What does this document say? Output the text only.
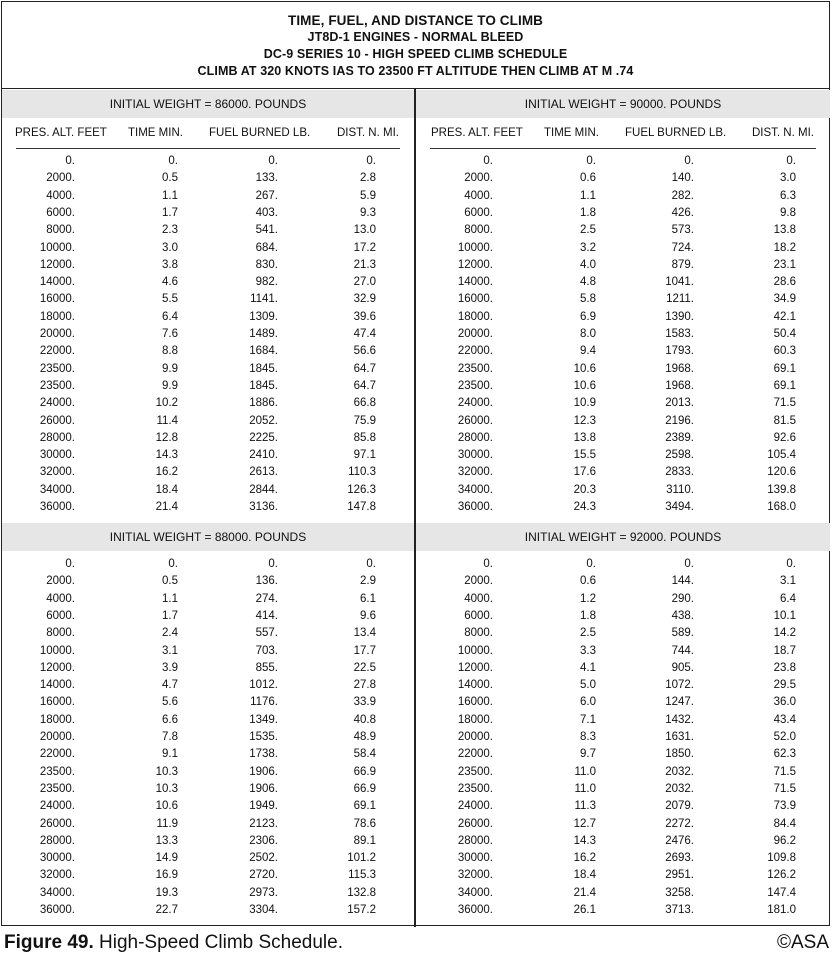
TIME, FUEL, AND DISTANCE TO CLIMB
JT8D-1 ENGINES - NORMAL BLEED
DC-9 SERIES 10 - HIGH SPEED CLIMB SCHEDULE
CLIMB AT 320 KNOTS IAS TO 23500 FT ALTITUDE THEN CLIMB AT M .74
INITIAL WEIGHT = 86000. POUNDS
PRES. ALT. FEET TIME MIN. FUEL BURNED LB. DIST. N. MI.
0.	0.	0.	0.
2000.	0.5	133.	2.8
4000.	1.1	267.	5.9
6000.	1.7	403.	9.3
8000.	2.3	541.	13.0
10000.	3.0	684.	17.2
12000.	3.8	830.	21.3
14000.	4.6	982.	27.0
16000.	5.5	1141.	32.9
18000.	6.4	1309.	39.6
20000.	7.6	1489.	47.4
22000.	8.8	1684.	56.6
23500.	9.9	1845.	64.7
23500.	9.9	1845.	64.7
24000.	10.2	1886.	66.8
26000.	11.4	2052.	75.9
28000.	12.8	2225.	85.8
30000.	14.3	2410.	97.1
32000.	16.2	2613.	110.3
34000.	18.4	2844.	126.3
36000.	21.4	3136.	147.8
INITIAL WEIGHT = 90000. POUNDS
PRES. ALT. FEET TIME MIN. FUEL BURNED LB. DIST. N. MI.
0.	0.	0.	0.
2000.	0.6	140.	3.0
4000.	1.1	282.	6.3
6000.	1.8	426.	9.8
8000.	2.5	573.	13.8
10000.	3.2	724.	18.2
12000.	4.0	879.	23.1
14000.	4.8	1041.	28.6
16000.	5.8	1211.	34.9
18000.	6.9	1390.	42.1
20000.	8.0	1583.	50.4
22000.	9.4	1793.	60.3
23500.	10.6	1968.	69.1
23500.	10.6	1968.	69.1
24000.	10.9	2013.	71.5
26000.	12.3	2196.	81.5
28000.	13.8	2389.	92.6
30000.	15.5	2598.	105.4
32000.	17.6	2833.	120.6
34000.	20.3	3110.	139.8
36000.	24.3	3494.	168.0
INITIAL WEIGHT = 88000. POUNDS
0.	0.	0.	0.
2000.	0.5	136.	2.9
4000.	1.1	274.	6.1
6000.	1.7	414.	9.6
8000.	2.4	557.	13.4
10000.	3.1	703.	17.7
12000.	3.9	855.	22.5
14000.	4.7	1012.	27.8
16000.	5.6	1176.	33.9
18000.	6.6	1349.	40.8
20000.	7.8	1535.	48.9
22000.	9.1	1738.	58.4
23500.	10.3	1906.	66.9
23500.	10.3	1906.	66.9
24000.	10.6	1949.	69.1
26000.	11.9	2123.	78.6
28000.	13.3	2306.	89.1
30000.	14.9	2502.	101.2
32000.	16.9	2720.	115.3
34000.	19.3	2973.	132.8
36000.	22.7	3304.	157.2
INITIAL WEIGHT = 92000. POUNDS
0.	0.	0.	0.
2000.	0.6	144.	3.1
4000.	1.2	290.	6.4
6000.	1.8	438.	10.1
8000.	2.5	589.	14.2
10000.	3.3	744.	18.7
12000.	4.1	905.	23.8
14000.	5.0	1072.	29.5
16000.	6.0	1247.	36.0
18000.	7.1	1432.	43.4
20000.	8.3	1631.	52.0
22000.	9.7	1850.	62.3
23500.	11.0	2032.	71.5
23500.	11.0	2032.	71.5
24000.	11.3	2079.	73.9
26000.	12.7	2272.	84.4
28000.	14.3	2476.	96.2
30000.	16.2	2693.	109.8
32000.	18.4	2951.	126.2
34000.	21.4	3258.	147.4
36000.	26.1	3713.	181.0
Figure 49. High-Speed Climb Schedule.	©ASA
